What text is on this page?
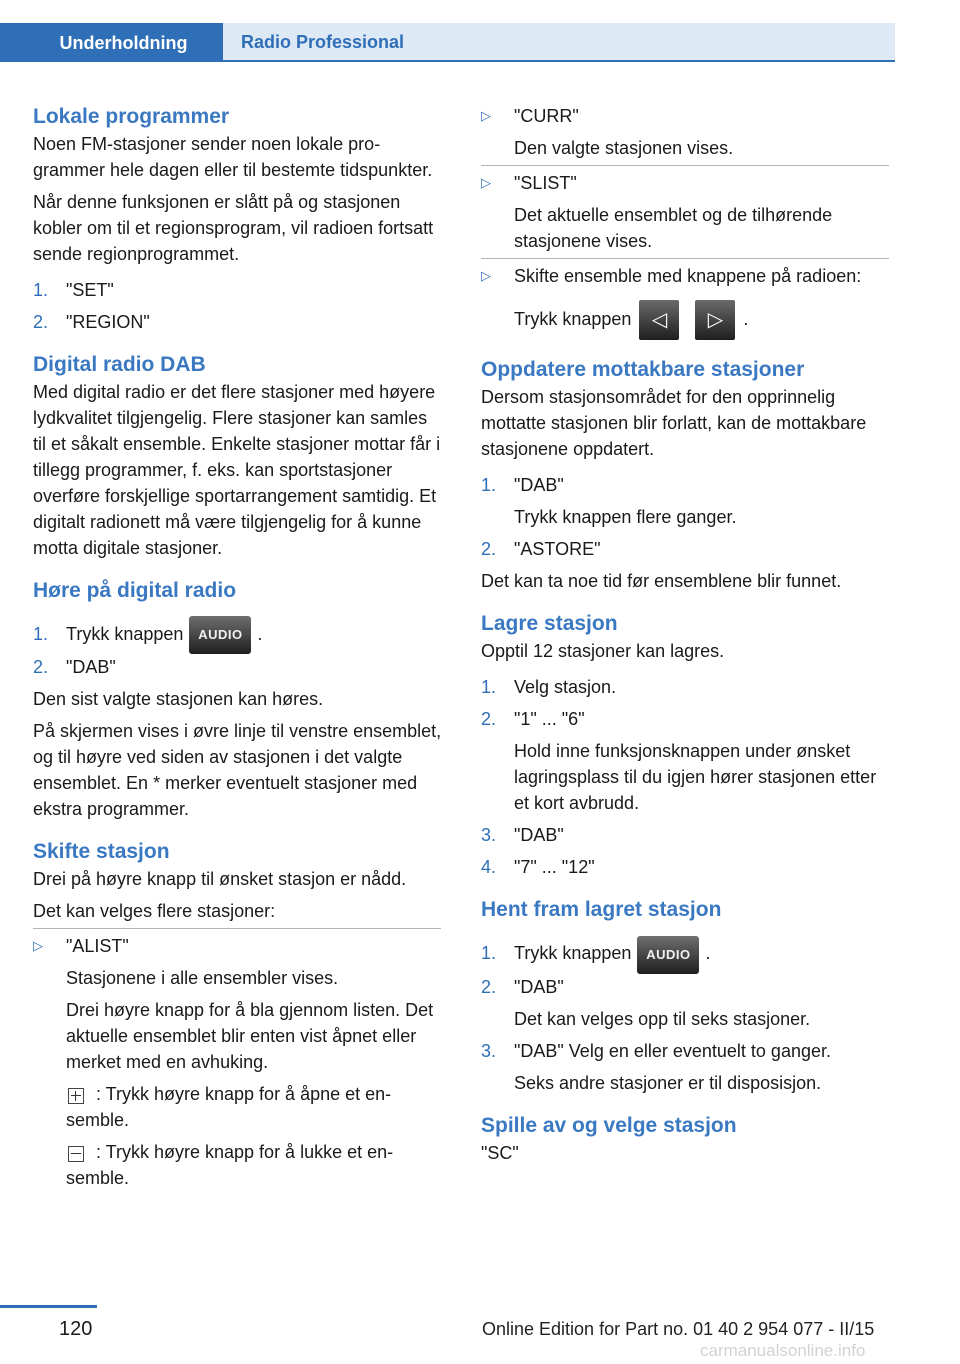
Underholdning	Radio Professional
Lokale programmer

Noen FM-stasjoner sender noen lokale programmer hele dagen eller til bestemte tidspunkter.

Når denne funksjonen er slått på og stasjonen kobler om til et regionsprogram, vil radioen fortsatt sende regionprogrammet.

1. "SET"
2. "REGION"
Digital radio DAB

Med digital radio er det flere stasjoner med høyere lydkvalitet tilgjengelig. Flere stasjoner kan samles til et såkalt ensemble. Enkelte stasjoner mottar får i tillegg programmer, f. eks. kan sportstasjoner overføre forskjellige sportarrangement samtidig. Et digitalt radionett må være tilgjengelig for å kunne motta digitale stasjoner.

Høre på digital radio
1. Trykk knappen AUDIO .
2. "DAB"

Den sist valgte stasjonen kan høres.

På skjermen vises i øvre linje til venstre ensemblet, og til høyre ved siden av stasjonen i det valgte ensemblet. En * merker eventuelt stasjoner med ekstra programmer.

Skifte stasjon

Drei på høyre knapp til ønsket stasjon er nådd.

Det kan velges flere stasjoner:

▷ "ALIST"
Stasjonene i alle ensembler vises.
Drei høyre knapp for å bla gjennom listen. Det aktuelle ensemblet blir enten vist åpnet eller merket med en avhuking.
: Trykk høyre knapp for å åpne et ensemble.
: Trykk høyre knapp for å lukke et ensemble.
▷ "CURR"
Den valgte stasjonen vises.
▷ "SLIST"
Det aktuelle ensemblet og de tilhørende stasjonene vises.
▷ Skifte ensemble med knappene på radioen:
Trykk knappen ◁ ▷ .
Oppdatere mottakbare stasjoner

Dersom stasjonsområdet for den opprinnelig mottatte stasjonen blir forlatt, kan de mottakbare stasjonene oppdatert.

1. "DAB"
Trykk knappen flere ganger.
2. "ASTORE"

Det kan ta noe tid før ensemblene blir funnet.

Lagre stasjon

Opptil 12 stasjoner kan lagres.

1. Velg stasjon.
2. "1" ... "6"
Hold inne funksjonsknappen under ønsket lagringsplass til du igjen hører stasjonen etter et kort avbrudd.
3. "DAB"
4. "7" ... "12"
Hent fram lagret stasjon
1. Trykk knappen AUDIO .
2. "DAB"
Det kan velges opp til seks stasjoner.
3. "DAB" Velg en eller eventuelt to ganger.
Seks andre stasjoner er til disposisjon.
Spille av og velge stasjon

"SC"

120	Online Edition for Part no. 01 40 2 954 077 - II/15
carmanualsonline.info
